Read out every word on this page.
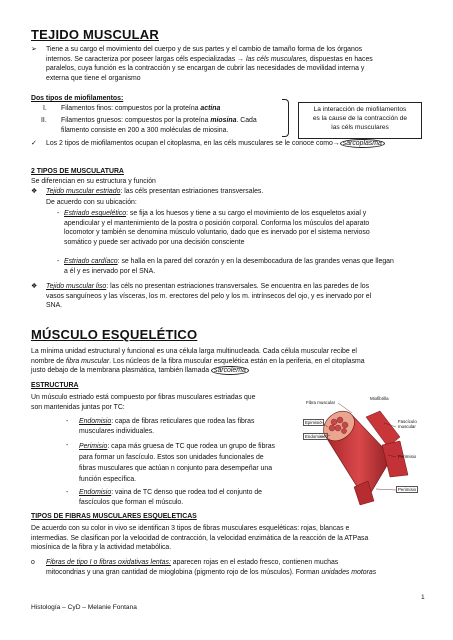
TEJIDO MUSCULAR
➢ Tiene a su cargo el movimiento del cuerpo y de sus partes y el cambio de tamaño forma de los órganos
internos. Se caracteriza por poseer largas céls especializadas → las céls musculares, dispuestas en haces
paralelos, cuya función es la contracción y se encargan de cubrir las necesidades de movilidad interna y
externa que tiene el organismo
Dos tipos de miofilamentos:
I. Filamentos finos: compuestos por la proteína actina
II. Filamentos gruesos: compuestos por la proteína miosina. Cada
filamento consiste en 200 a 300 moléculas de miosina.
La interacción de miofilamentos
es la cause de la contracción de
las céls musculares
✓ Los 2 tipos de miofilamentos ocupan el citoplasma, en las céls musculares se le conoce como→ sarcoplasma
2 TIPOS DE MUSCULATURA
Se diferencian en su estructura y función
❖ Tejido muscular estriado: las céls presentan estriaciones transversales.
De acuerdo con su ubicación:
- Estriado esquelético: se fija a los huesos y tiene a su cargo el movimiento de los esqueletos axial y
apendicular y el mantenimiento de la postra o posición corporal. Conforma los músculos del aparato
locomotor y también se denomina músculo voluntario, dado que es inervado por el sistema nervioso
somático y puede ser activado por una decisión consciente
- Estriado cardíaco: se halla en la pared del corazón y en la desembocadura de las grandes venas que llegan
a él y es inervado por el SNA.
❖ Tejido muscular liso: las céls no presentan estriaciones transversales. Se encuentra en las paredes de los
vasos sanguíneos y las vísceras, los m. erectores del pelo y los m. intrínsecos del ojo, y es inervado por el
SNA.
MÚSCULO ESQUELÉTICO
La mínima unidad estructural y funcional es una célula larga multinucleada. Cada célula muscular recibe el
nombre de fibra muscular. Los núcleos de la fibra muscular esquelética están en la periferia, en el citoplasma
justo debajo de la membrana plasmática, también llamada sarcolema
ESTRUCTURA
Un músculo estriado está compuesto por fibras musculares estriadas que
son mantenidas juntas por TC:
- Endomisio: capa de fibras reticulares que rodea las fibras
musculares individuales.
- Perimisio: capa más gruesa de TC que rodea un grupo de fibras
para formar un fascículo. Estos son unidades funcionales de
fibras musculares que actúan n conjunto para desempeñar una
función específica.
- Endomisio: vaina de TC denso que rodea tod el conjunto de
fascículos que forman el músculo.
Fibra muscular
Miofibrilla
Epimisio
Endomisio
Fascículo muscular
Perimisio
Perimisio
TIPOS DE FIBRAS MUSCULARES ESQUELETICAS
De acuerdo con su color in vivo se identifican 3 tipos de fibras musculares esqueléticas: rojas, blancas e
intermedias. Se clasifican por la velocidad de contracción, la velocidad enzimática de la reacción de la ATPasa
miosínica de la fibra y la actividad metabólica.
o Fibras de tipo I o fibras oxidativas lentas: aparecen rojas en el estado fresco, contienen muchas
mitocondrias y una gran cantidad de mioglobina (pigmento rojo de los músculos). Forman unidades motoras
1
Histología – CyD – Melanie Fontana
